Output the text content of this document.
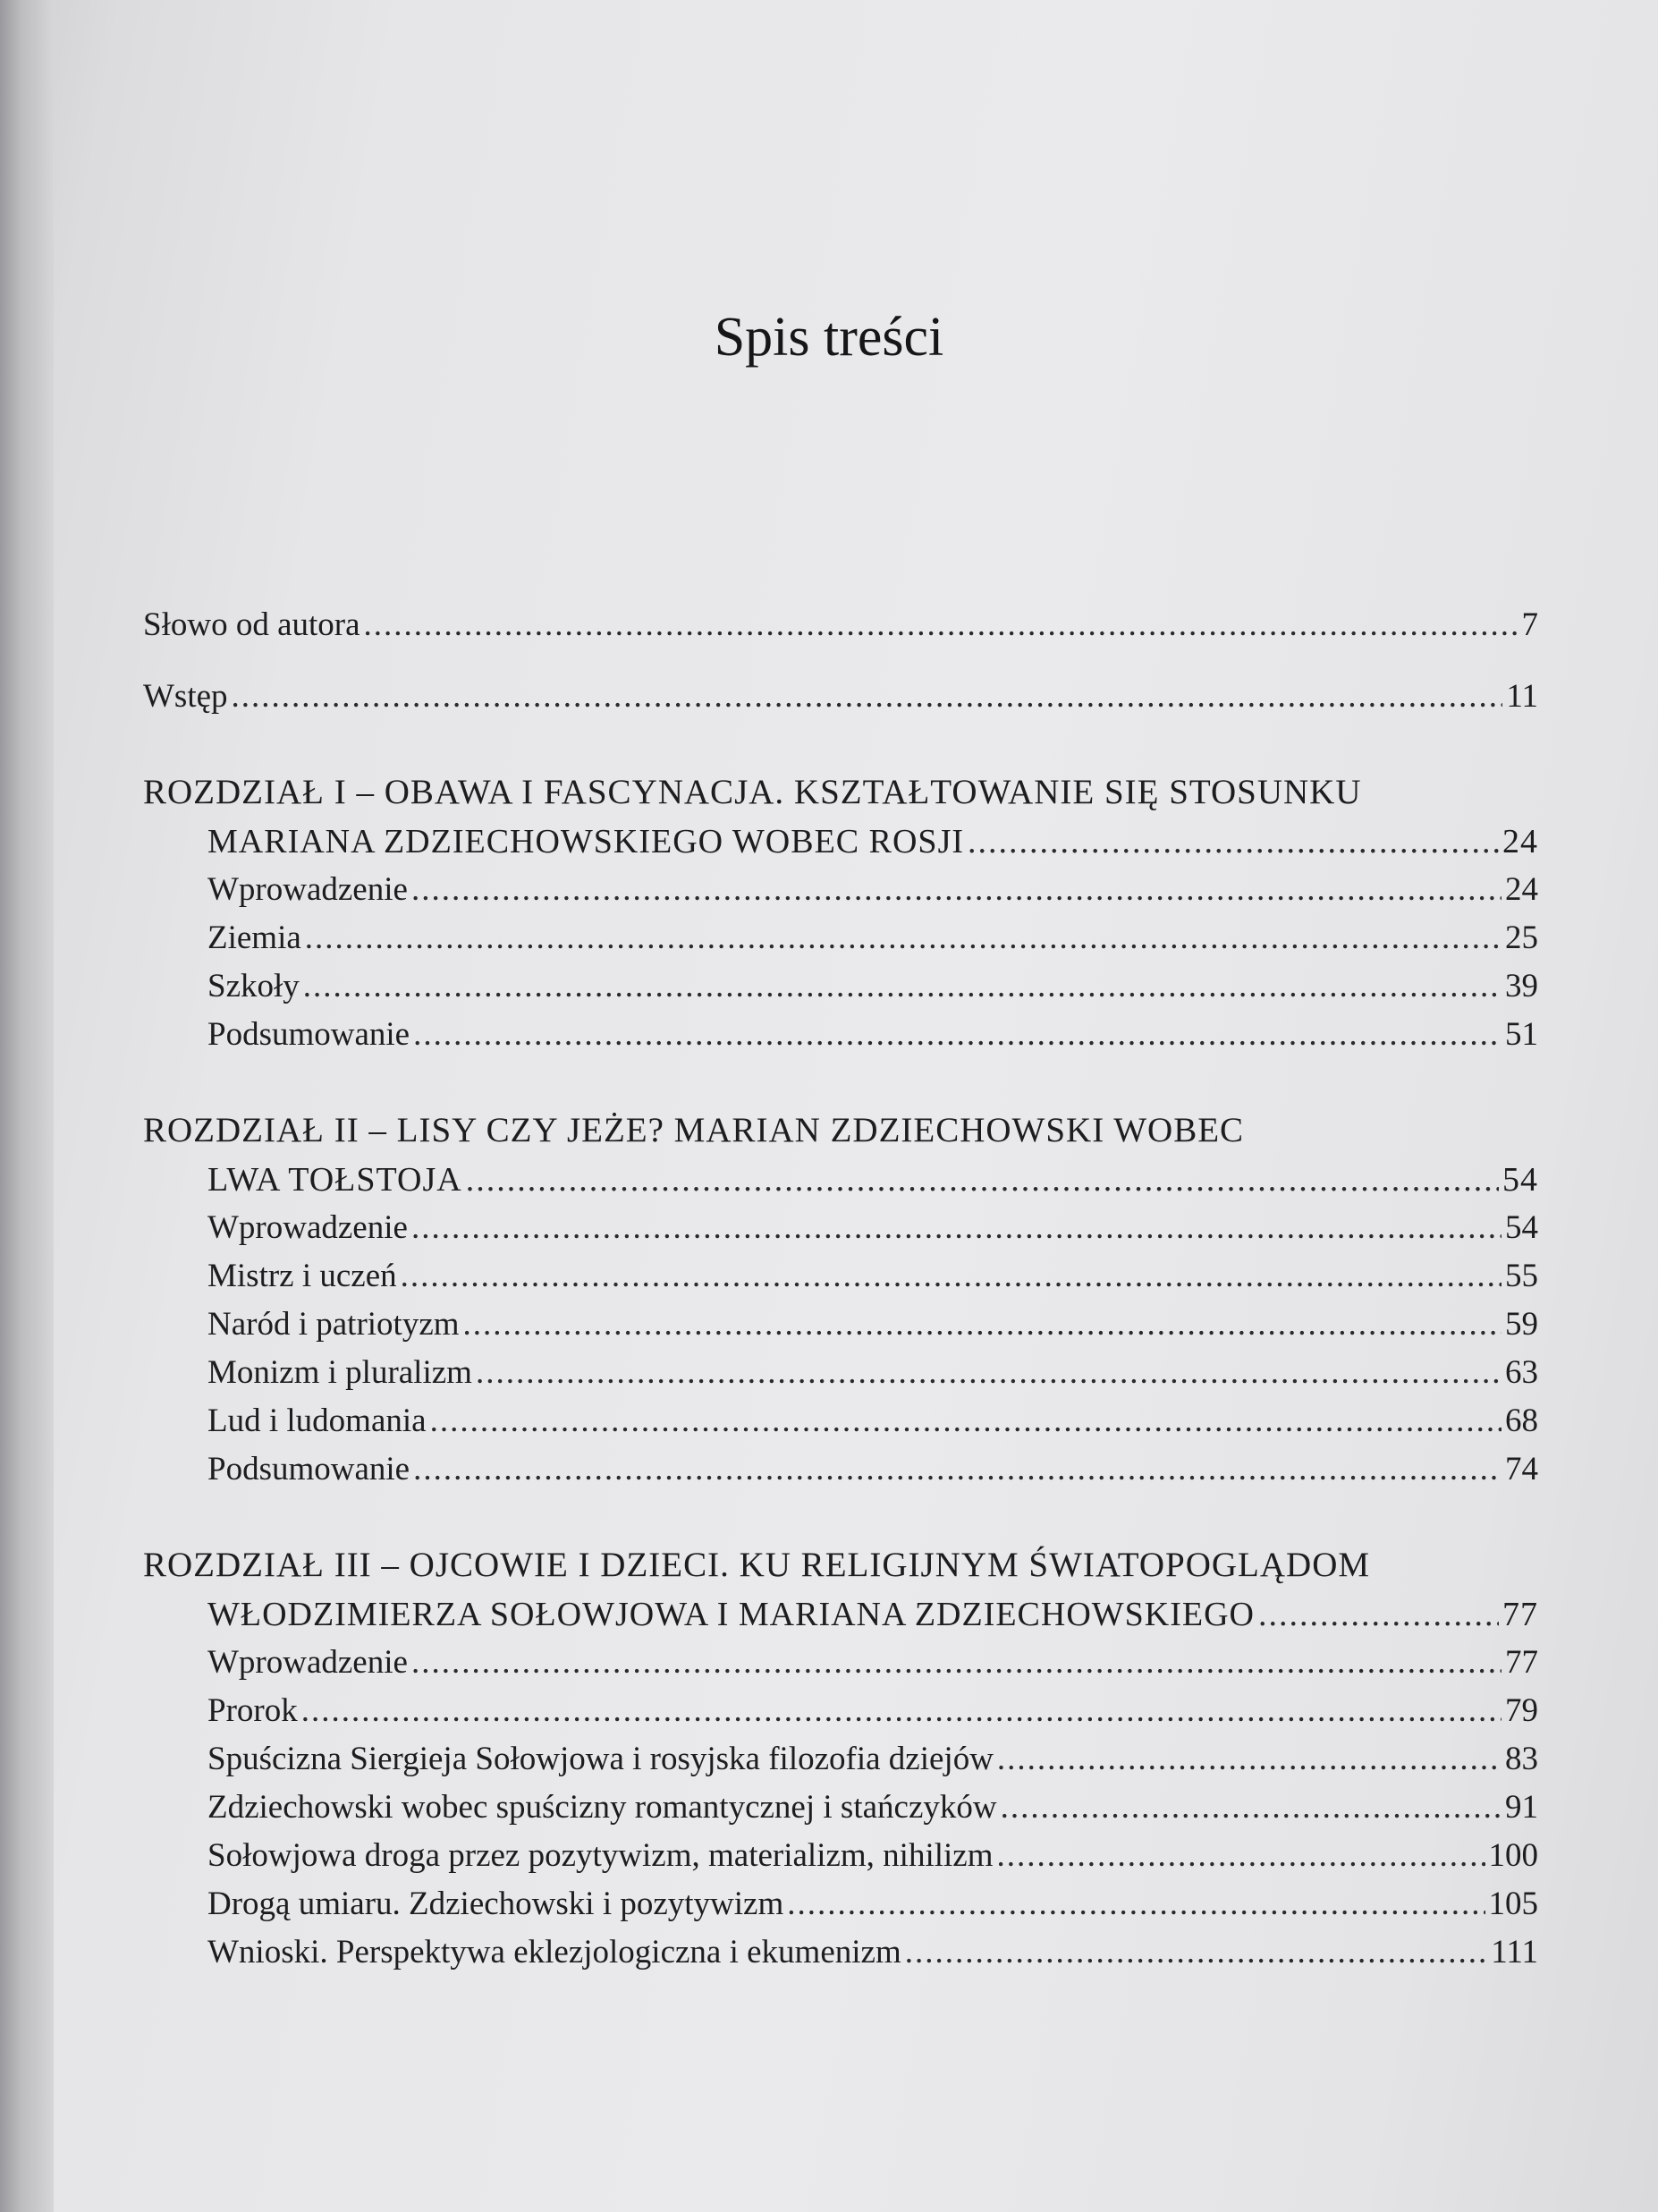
Spis treści
Słowo od autora .....	7
Wstęp .....	11
ROZDZIAŁ I – OBAWA I FASCYNACJA. KSZTAŁTOWANIE SIĘ STOSUNKU
MARIANA ZDZIECHOWSKIEGO WOBEC ROSJI .....	24
Wprowadzenie .....	24
Ziemia .....	25
Szkoły .....	39
Podsumowanie .....	51
ROZDZIAŁ II – LISY CZY JEŻE? MARIAN ZDZIECHOWSKI WOBEC
LWA TOŁSTOJA .....	54
Wprowadzenie .....	54
Mistrz i uczeń .....	55
Naród i patriotyzm .....	59
Monizm i pluralizm .....	63
Lud i ludomania .....	68
Podsumowanie .....	74
ROZDZIAŁ III – OJCOWIE I DZIECI. KU RELIGIJNYM ŚWIATOPOGLĄDOM
WŁODZIMIERZA SOŁOWJOWA I MARIANA ZDZIECHOWSKIEGO .....	77
Wprowadzenie .....	77
Prorok .....	79
Spuścizna Siergieja Sołowjowa i rosyjska filozofia dziejów .....	83
Zdziechowski wobec spuścizny romantycznej i stańczyków .....	91
Sołowjowa droga przez pozytywizm, materializm, nihilizm .....	100
Drogą umiaru. Zdziechowski i pozytywizm .....	105
Wnioski. Perspektywa eklezjologiczna i ekumenizm .....	111
